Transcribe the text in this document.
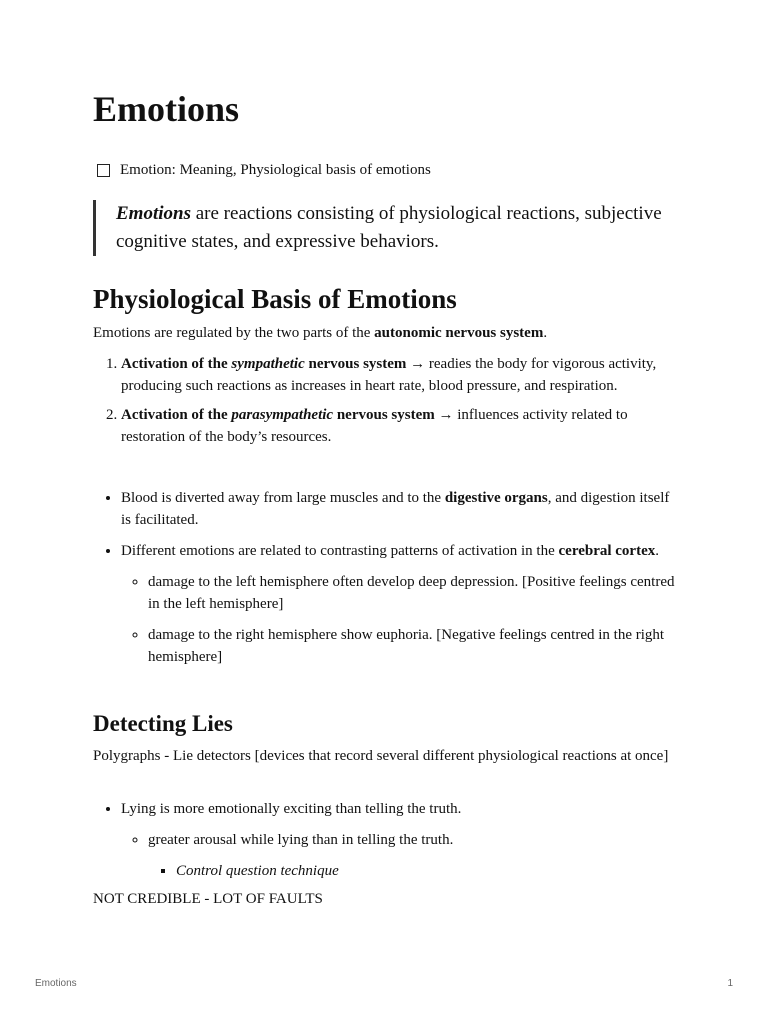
Emotions
Emotion: Meaning, Physiological basis of emotions
Emotions are reactions consisting of physiological reactions, subjective cognitive states, and expressive behaviors.
Physiological Basis of Emotions

Emotions are regulated by the two parts of the autonomic nervous system.

1. Activation of the sympathetic nervous system → readies the body for vigorous activity, producing such reactions as increases in heart rate, blood pressure, and respiration.
2. Activation of the parasympathetic nervous system → influences activity related to restoration of the body’s resources.
• Blood is diverted away from large muscles and to the digestive organs, and digestion itself is facilitated.
• Different emotions are related to contrasting patterns of activation in the cerebral cortex.
◦ damage to the left hemisphere often develop deep depression. [Positive feelings centred in the left hemisphere]
◦ damage to the right hemisphere show euphoria. [Negative feelings centred in the right hemisphere]
Detecting Lies

Polygraphs - Lie detectors [devices that record several different physiological reactions at once]

• Lying is more emotionally exciting than telling the truth.
◦ greater arousal while lying than in telling the truth.
▪ Control question technique

NOT CREDIBLE - LOT OF FAULTS

Emotions	1
